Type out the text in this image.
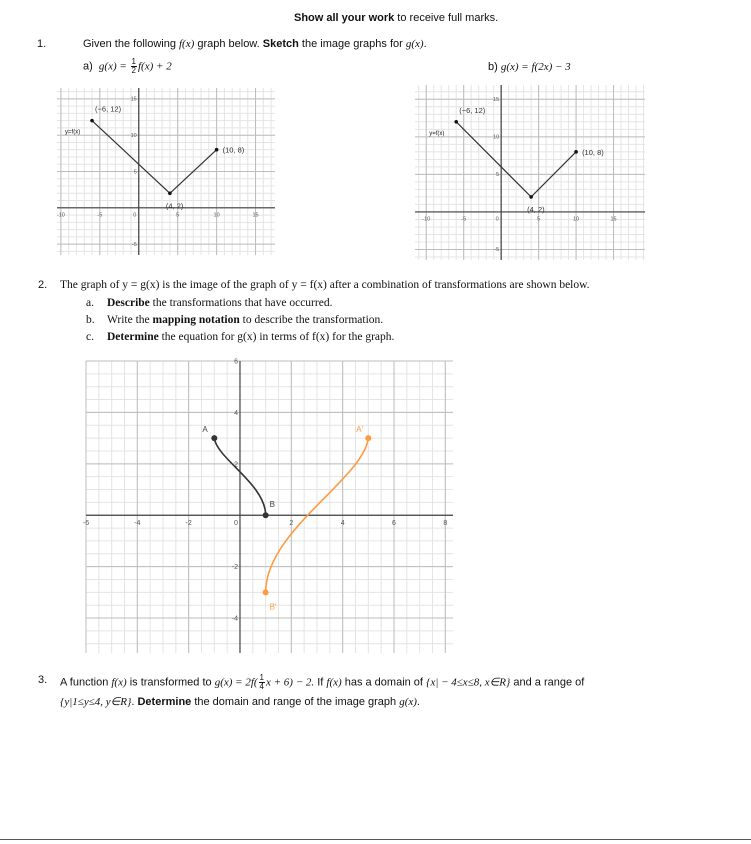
Show all your work to receive full marks.
1.	Given the following f(x) graph below. Sketch the image graphs for g(x).
a) $g(x) = \frac{1}{2} f(x) + 2$	b) g(x) = f(2x) − 3
-10	-5	0	5	10	15
-5
5
10
15
(−6, 12)
(4, 2)
(10, 8)
y=f(x)
-10	-5	0	5	10	15
-5
5
10
15
(−6, 12)
(4, 2)
(10, 8)
y=f(x)
2. The graph of y = g(x) is the image of the graph of y = f(x) after a combination of transformations are shown below.
a. Describe the transformations that have occurred.
b. Write the mapping notation to describe the transformation.
c. Determine the equation for g(x) in terms of f(x) for the graph.
-6	-4	-2	0	2	4	6	8
-4
-2
2
4
6
A
B
A'
B'
3. A function f(x) is transformed to $g(x) = 2f( \frac{1}{4}$ x + 6) − 2. If f(x) has a domain of {x| − 4≤x≤8, x∈R} and a range of
{y|1≤y≤4, y∈R}. Determine the domain and range of the image graph g(x).
